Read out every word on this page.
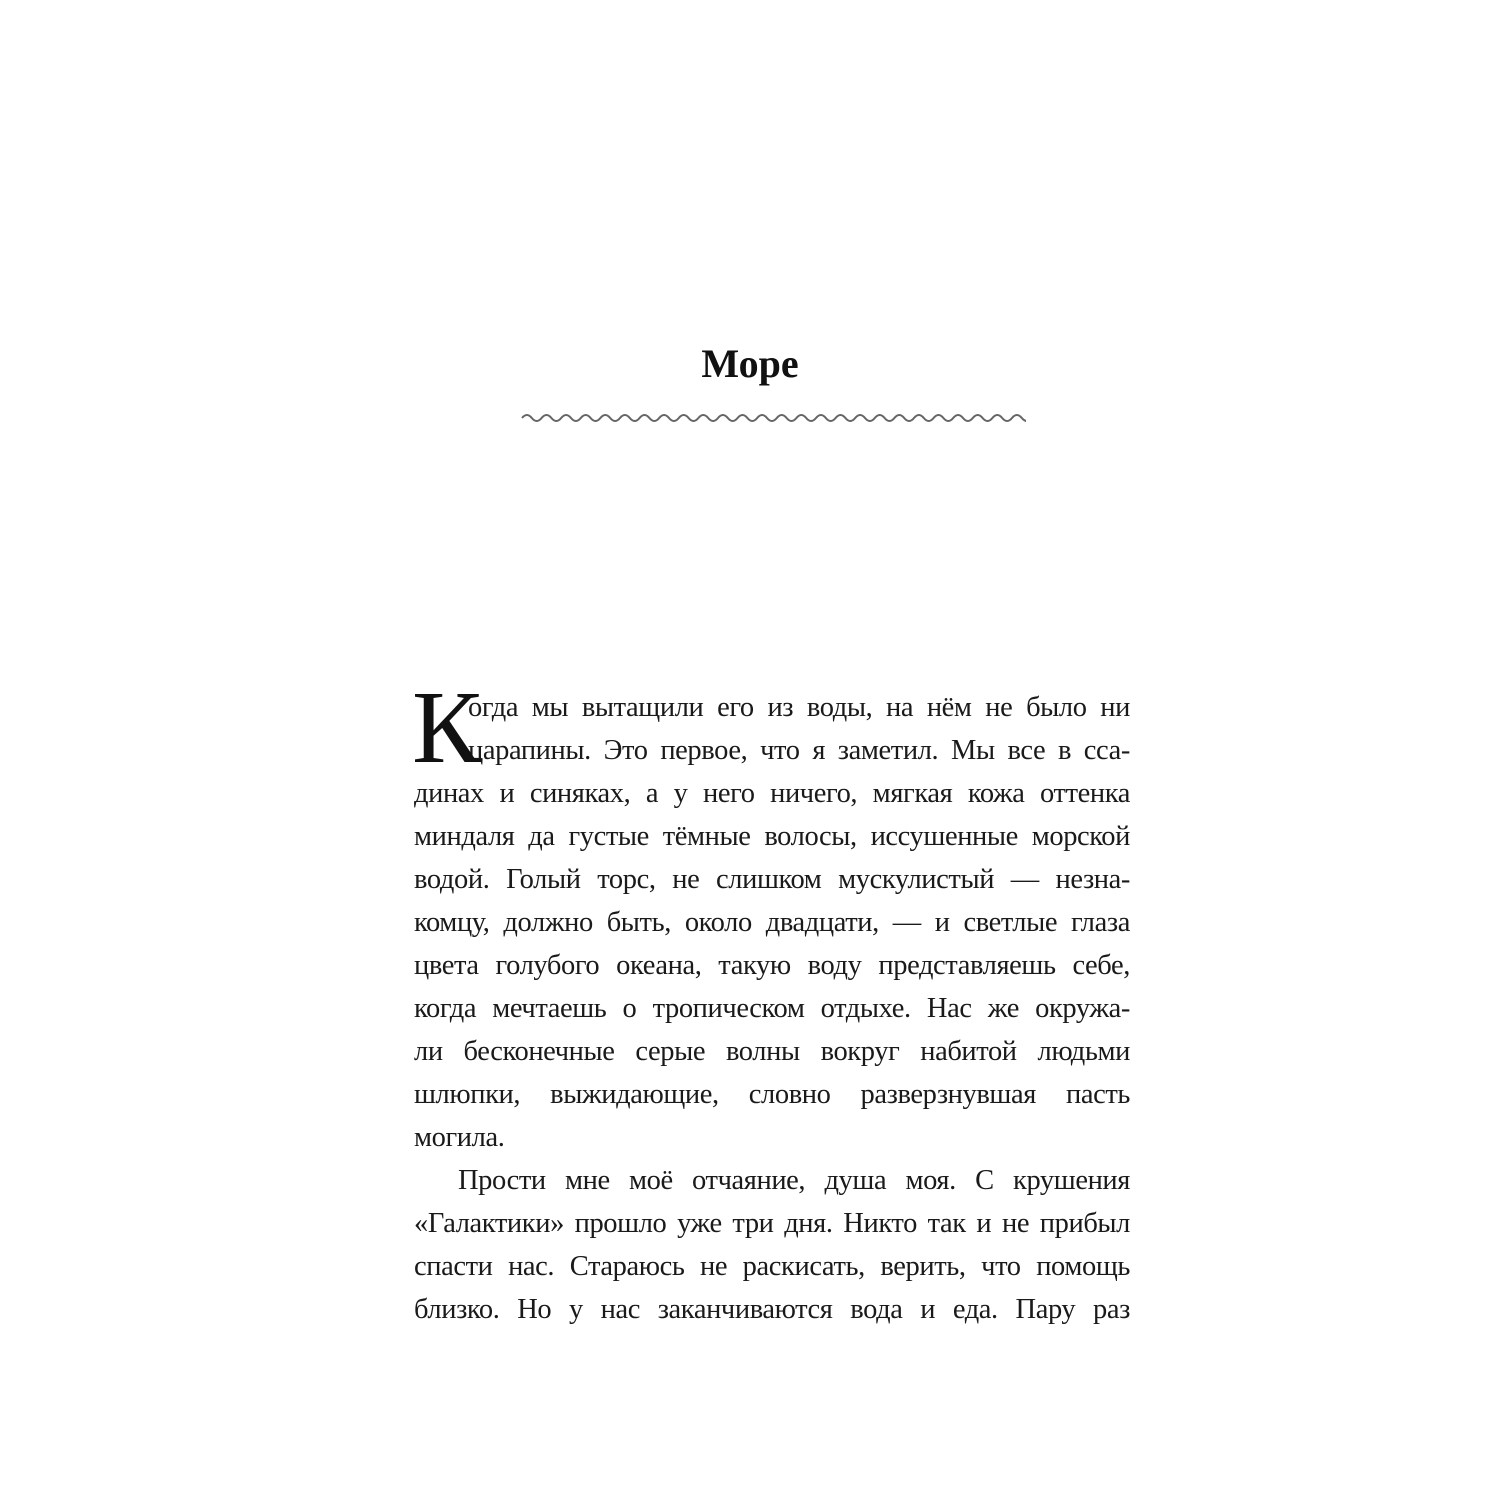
Море
К
огда мы вытащили его из воды, на нём не было ни
царапины. Это первое, что я заметил. Мы все в сса-
динах и синяках, а у него ничего, мягкая кожа оттенка
миндаля да густые тёмные волосы, иссушенные морской
водой. Голый торс, не слишком мускулистый — незна-
комцу, должно быть, около двадцати, — и светлые глаза
цвета голубого океана, такую воду представляешь себе,
когда мечтаешь о тропическом отдыхе. Нас же окружа-
ли бесконечные серые волны вокруг набитой людьми
шлюпки, выжидающие, словно разверзнувшая пасть
могила.
Прости мне моё отчаяние, душа моя. С крушения
«Галактики» прошло уже три дня. Никто так и не прибыл
спасти нас. Стараюсь не раскисать, верить, что помощь
близко. Но у нас заканчиваются вода и еда. Пару раз
